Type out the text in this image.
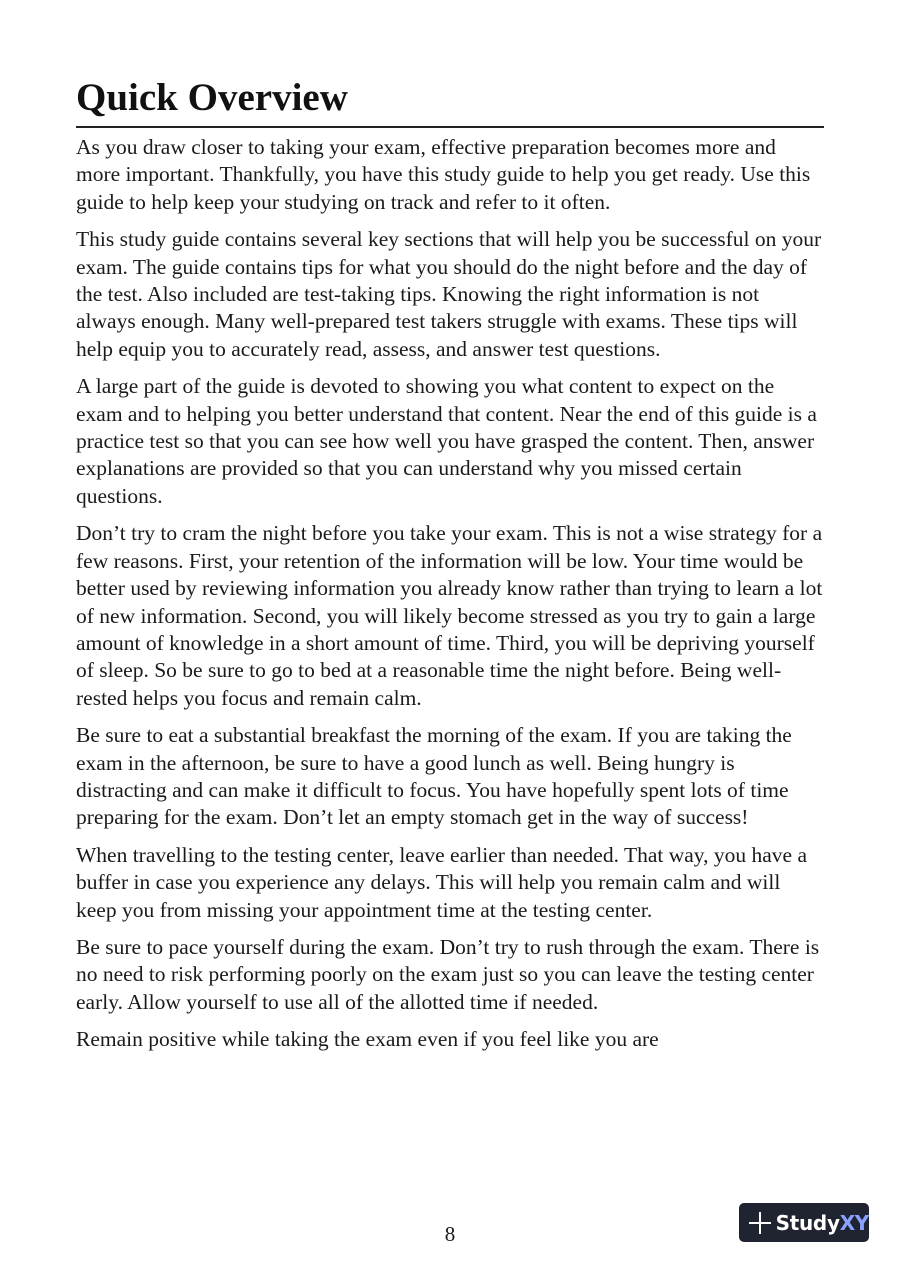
Quick Overview

As you draw closer to taking your exam, effective preparation becomes more and more important. Thankfully, you have this study guide to help you get ready. Use this guide to help keep your studying on track and refer to it often.

This study guide contains several key sections that will help you be successful on your exam. The guide contains tips for what you should do the night before and the day of the test. Also included are test-taking tips. Knowing the right information is not always enough. Many well-prepared test takers struggle with exams. These tips will help equip you to accurately read, assess, and answer test questions.

A large part of the guide is devoted to showing you what content to expect on the exam and to helping you better understand that content. Near the end of this guide is a practice test so that you can see how well you have grasped the content. Then, answer explanations are provided so that you can understand why you missed certain questions.

Don’t try to cram the night before you take your exam. This is not a wise strategy for a few reasons. First, your retention of the information will be low. Your time would be better used by reviewing information you already know rather than trying to learn a lot of new information. Second, you will likely become stressed as you try to gain a large amount of knowledge in a short amount of time. Third, you will be depriving yourself of sleep. So be sure to go to bed at a reasonable time the night before. Being well-rested helps you focus and remain calm.

Be sure to eat a substantial breakfast the morning of the exam. If you are taking the exam in the afternoon, be sure to have a good lunch as well. Being hungry is distracting and can make it difficult to focus. You have hopefully spent lots of time preparing for the exam. Don’t let an empty stomach get in the way of success!

When travelling to the testing center, leave earlier than needed. That way, you have a buffer in case you experience any delays. This will help you remain calm and will keep you from missing your appointment time at the testing center.

Be sure to pace yourself during the exam. Don’t try to rush through the exam. There is no need to risk performing poorly on the exam just so you can leave the testing center early. Allow yourself to use all of the allotted time if needed.

Remain positive while taking the exam even if you feel like you are

8	StudyXY
